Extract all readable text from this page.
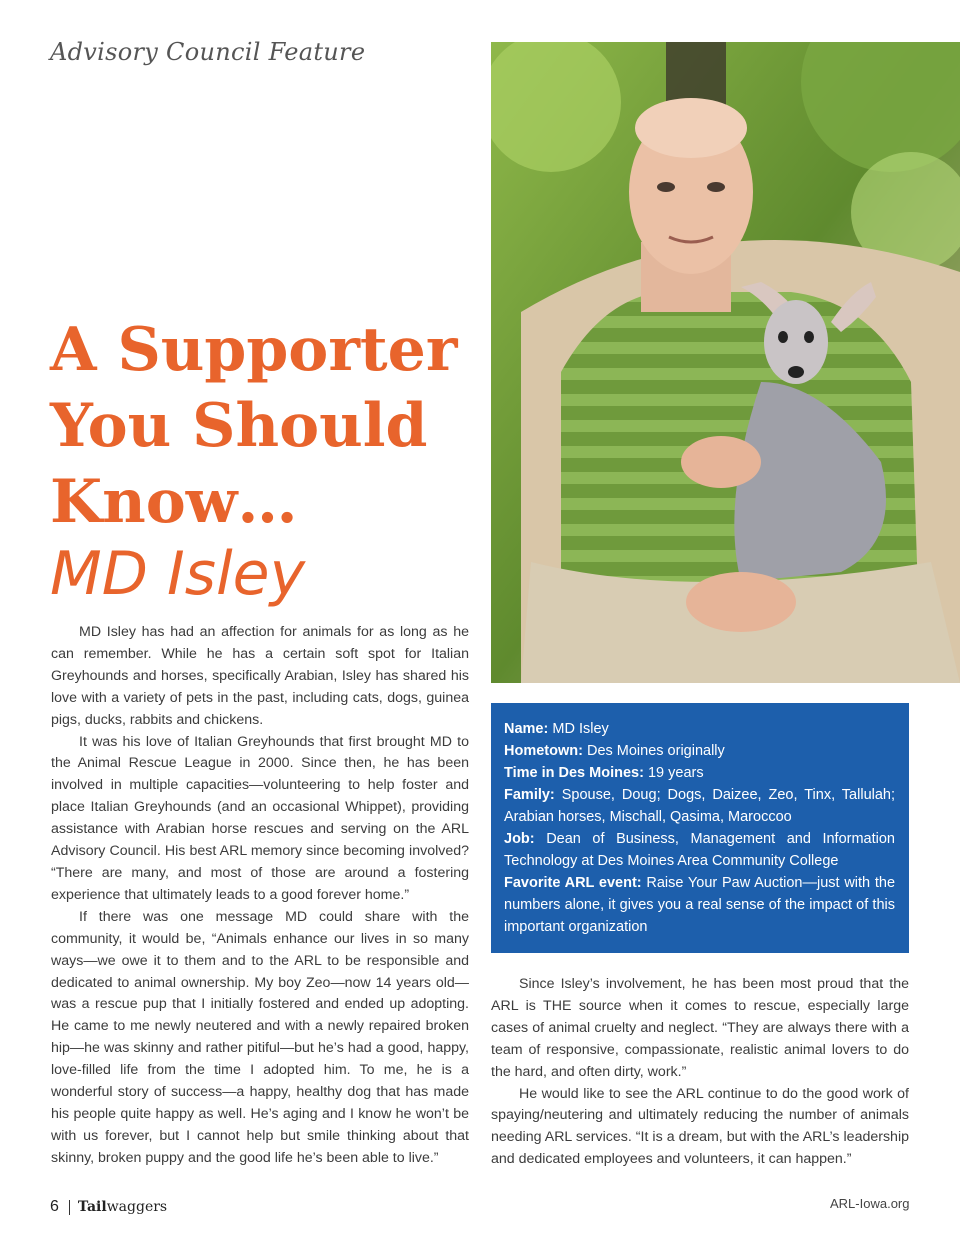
Advisory Council Feature
A Supporter
You Should
Know…
MD Isley

MD Isley has had an affection for animals for as long as he can remember. While he has a certain soft spot for Italian Greyhounds and horses, specifically Arabian, Isley has shared his love with a variety of pets in the past, including cats, dogs, guinea pigs, ducks, rabbits and chickens.

It was his love of Italian Greyhounds that first brought MD to the Animal Rescue League in 2000. Since then, he has been involved in multiple capacities—volunteering to help foster and place Italian Greyhounds (and an occasional Whippet), providing assistance with Arabian horse rescues and serving on the ARL Advisory Council. His best ARL memory since becoming involved? “There are many, and most of those are around a fostering experience that ultimately leads to a good forever home.”

If there was one message MD could share with the community, it would be, “Animals enhance our lives in so many ways—we owe it to them and to the ARL to be responsible and dedicated to animal ownership. My boy Zeo—now 14 years old—was a rescue pup that I initially fostered and ended up adopting. He came to me newly neutered and with a newly repaired broken hip—he was skinny and rather pitiful—but he’s had a good, happy, love-filled life from the time I adopted him. To me, he is a wonderful story of success—a happy, healthy dog that has made his people quite happy as well. He’s aging and I know he won’t be with us forever, but I cannot help but smile thinking about that skinny, broken puppy and the good life he’s been able to live.”

Name: MD Isley

Hometown: Des Moines originally

Time in Des Moines: 19 years

Family: Spouse, Doug; Dogs, Daizee, Zeo, Tinx, Tallulah; Arabian horses, Mischall, Qasima, Maroccoo

Job: Dean of Business, Management and Information Technology at Des Moines Area Community College

Favorite ARL event: Raise Your Paw Auction—just with the numbers alone, it gives you a real sense of the impact of this important organization

Since Isley’s involvement, he has been most proud that the ARL is THE source when it comes to rescue, especially large cases of animal cruelty and neglect. “They are always there with a team of responsive, compassionate, realistic animal lovers to do the hard, and often dirty, work.”

He would like to see the ARL continue to do the good work of spaying/neutering and ultimately reducing the number of animals needing ARL services. “It is a dream, but with the ARL’s leadership and dedicated employees and volunteers, it can happen.”

6 Tailwaggers	ARL-Iowa.org
